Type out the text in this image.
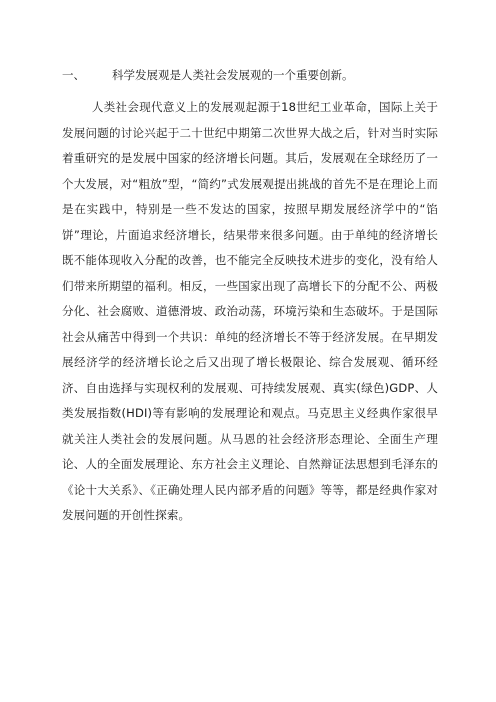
一、 科学发展观是人类社会发展观的一个重要创新。

人类社会现代意义上的发展观起源于18世纪工业革命，国际上关于发展问题的讨论兴起于二十世纪中期第二次世界大战之后，针对当时实际着重研究的是发展中国家的经济增长问题。其后，发展观在全球经历了一个大发展，对“粗放”型，“简约”式发展观提出挑战的首先不是在理论上而是在实践中，特别是一些不发达的国家，按照早期发展经济学中的“馅饼”理论，片面追求经济增长，结果带来很多问题。由于单纯的经济增长既不能体现收入分配的改善，也不能完全反映技术进步的变化，没有给人们带来所期望的福利。相反，一些国家出现了高增长下的分配不公、两极分化、社会腐败、道德滑坡、政治动荡，环境污染和生态破坏。于是国际社会从痛苦中得到一个共识：单纯的经济增长不等于经济发展。在早期发展经济学的经济增长论之后又出现了增长极限论、综合发展观、循环经济、自由选择与实现权利的发展观、可持续发展观、真实(绿色)GDP、人类发展指数(HDI)等有影响的发展理论和观点。马克思主义经典作家很早就关注人类社会的发展问题。从马恩的社会经济形态理论、全面生产理论、人的全面发展理论、东方社会主义理论、自然辩证法思想到毛泽东的《论十大关系》、《正确处理人民内部矛盾的问题》等等，都是经典作家对发展问题的开创性探索。
